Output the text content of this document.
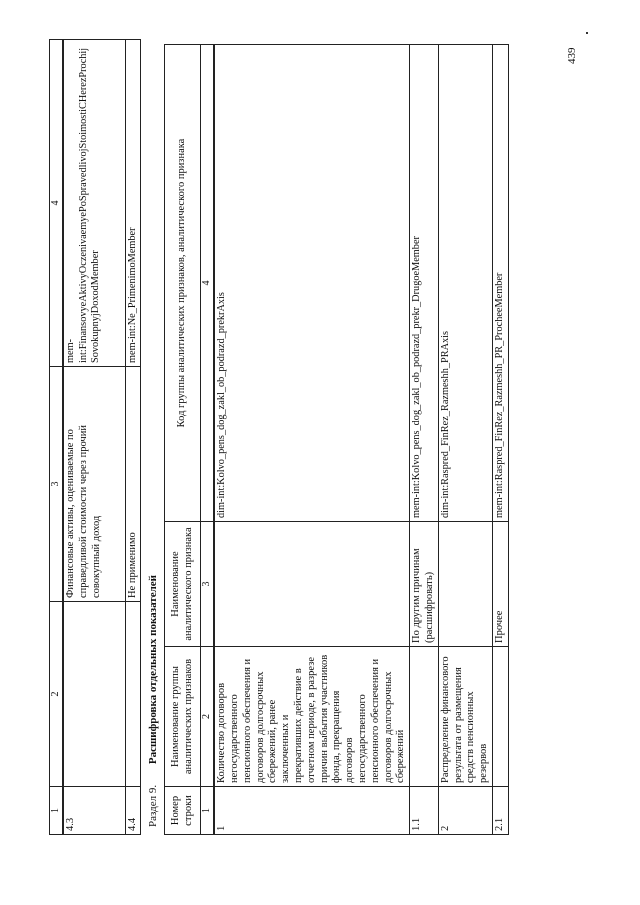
439
1	2	3	4
4.3		Финансовые активы, оцениваемые по справедливой стоимости через прочий совокупный доход	mem-int:FinansovyeAktivyOczenivaemyePoSpravedlivojStoimostiCHerezProchijSovokupnyjDoxodMember
4.4		Не применимо	mem-int:Ne_PrimenimoMember
Раздел 9. Расшифровка отдельных показателей
Номер строки	Наименование группы аналитических признаков	Наименование аналитического признака	Код группы аналитических признаков, аналитического признака
1	2	3	4
1	Количество договоров негосударственного пенсионного обеспечения и договоров долгосрочных сбережений, ранее заключенных и прекративших действие в отчетном периоде, в разрезе причин выбытия участников фонда, прекращения договоров негосударственного пенсионного обеспечения и договоров долгосрочных сбережений		dim-int:Kolvo_pens_dog_zakl_ob_podrazd_prekrAxis
1.1		По другим причинам (расшифровать)	mem-int:Kolvo_pens_dog_zakl_ob_podrazd_prekr_DrugoeMember
2	Распределение финансового результата от размещения средств пенсионных резервов		dim-int:Raspred_FinRez_Razmeshh_PRAxis
2.1		Прочее	mem-int:Raspred_FinRez_Razmeshh_PR_ProcheeMember
